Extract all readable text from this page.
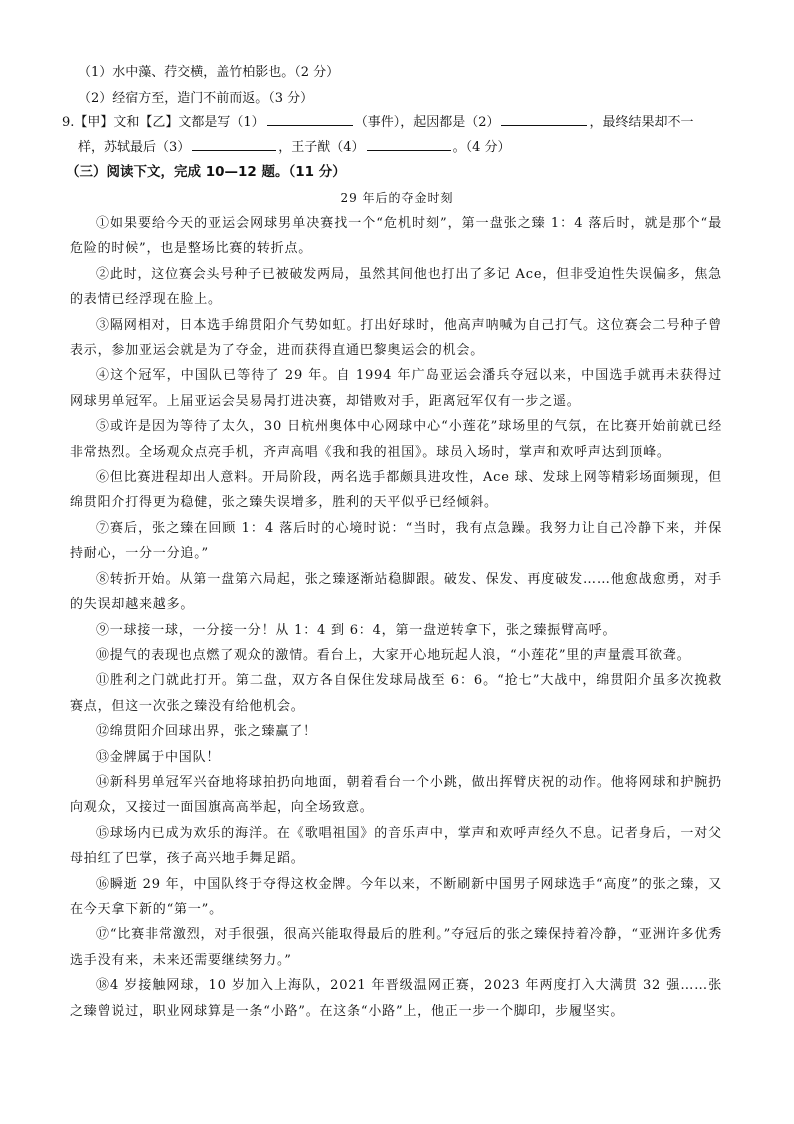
（1）水中藻、荇交横，盖竹柏影也。（2 分）
（2）经宿方至，造门不前而返。（3 分）
9.【甲】文和【乙】文都是写（1）	（事件），起因都是（2）	，最终结果却不一
样，苏轼最后（3）	，王子猷（4）	。（4 分）
（三）阅读下文，完成 10—12 题。（11 分）
29 年后的夺金时刻

①如果要给今天的亚运会网球男单决赛找一个“危机时刻”，第一盘张之臻 1：4 落后时，就是那个“最危险的时候”，也是整场比赛的转折点。

②此时，这位赛会头号种子已被破发两局，虽然其间他也打出了多记 Ace，但非受迫性失误偏多，焦急的表情已经浮现在脸上。

③隔网相对，日本选手绵贯阳介气势如虹。打出好球时，他高声呐喊为自己打气。这位赛会二号种子曾表示，参加亚运会就是为了夺金，进而获得直通巴黎奥运会的机会。

④这个冠军，中国队已等待了 29 年。自 1994 年广岛亚运会潘兵夺冠以来，中国选手就再未获得过网球男单冠军。上届亚运会吴易昺打进决赛，却错败对手，距离冠军仅有一步之遥。

⑤或许是因为等待了太久，30 日杭州奥体中心网球中心“小莲花”球场里的气氛，在比赛开始前就已经非常热烈。全场观众点亮手机，齐声高唱《我和我的祖国》。球员入场时，掌声和欢呼声达到顶峰。

⑥但比赛进程却出人意料。开局阶段，两名选手都颇具进攻性，Ace 球、发球上网等精彩场面频现，但绵贯阳介打得更为稳健，张之臻失误增多，胜利的天平似乎已经倾斜。

⑦赛后，张之臻在回顾 1：4 落后时的心境时说：“当时，我有点急躁。我努力让自己冷静下来，并保持耐心，一分一分追。”

⑧转折开始。从第一盘第六局起，张之臻逐渐站稳脚跟。破发、保发、再度破发……他愈战愈勇，对手的失误却越来越多。

⑨一球接一球，一分接一分！从 1：4 到 6：4，第一盘逆转拿下，张之臻振臂高呼。

⑩提气的表现也点燃了观众的激情。看台上，大家开心地玩起人浪，“小莲花”里的声量震耳欲聋。

⑪胜利之门就此打开。第二盘，双方各自保住发球局战至 6：6。“抢七”大战中，绵贯阳介虽多次挽救赛点，但这一次张之臻没有给他机会。

⑫绵贯阳介回球出界，张之臻赢了！

⑬金牌属于中国队！

⑭新科男单冠军兴奋地将球拍扔向地面，朝着看台一个小跳，做出挥臂庆祝的动作。他将网球和护腕扔向观众，又接过一面国旗高高举起，向全场致意。

⑮球场内已成为欢乐的海洋。在《歌唱祖国》的音乐声中，掌声和欢呼声经久不息。记者身后，一对父母拍红了巴掌，孩子高兴地手舞足蹈。

⑯瞬逝 29 年，中国队终于夺得这枚金牌。今年以来，不断刷新中国男子网球选手“高度”的张之臻，又在今天拿下新的“第一”。

⑰“比赛非常激烈，对手很强，很高兴能取得最后的胜利。”夺冠后的张之臻保持着冷静，“亚洲许多优秀选手没有来，未来还需要继续努力。”

⑱4 岁接触网球，10 岁加入上海队，2021 年晋级温网正赛，2023 年两度打入大满贯 32 强……张之臻曾说过，职业网球算是一条“小路”。在这条“小路”上，他正一步一个脚印，步履坚实。
